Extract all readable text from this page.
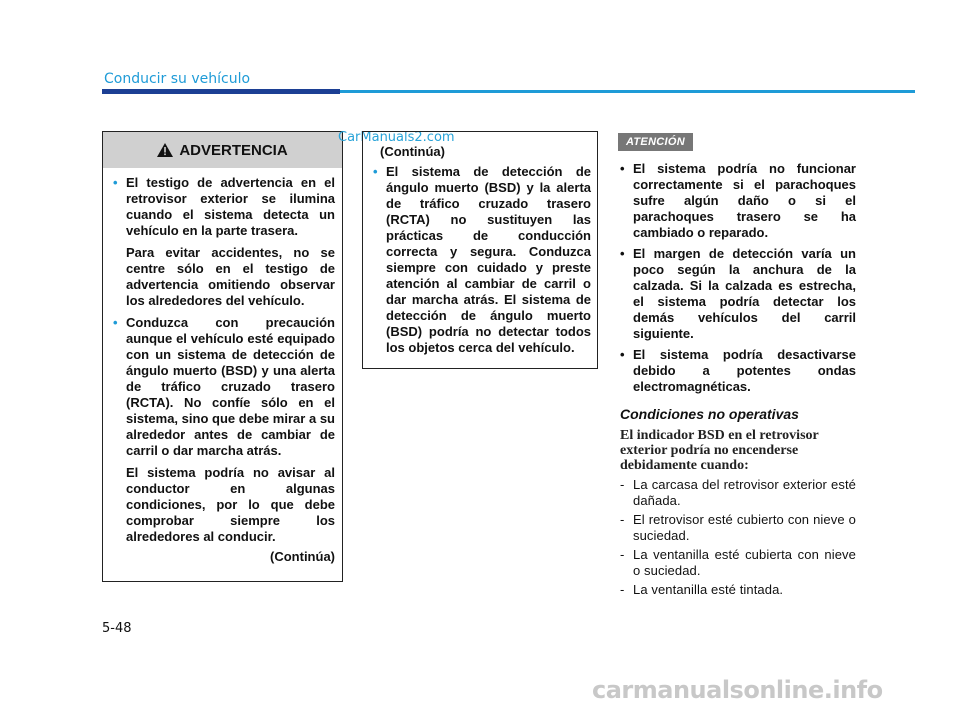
Conducir su vehículo
ADVERTENCIA
• El testigo de advertencia en el retrovisor exterior se ilumina cuando el sistema detecta un vehículo en la parte trasera.

Para evitar accidentes, no se centre sólo en el testigo de advertencia omitiendo observar los alrededores del vehículo.

• Conduzca con precaución aunque el vehículo esté equipado con un sistema de detección de ángulo muerto (BSD) y una alerta de tráfico cruzado trasero (RCTA). No confíe sólo en el sistema, sino que debe mirar a su alrededor antes de cambiar de carril o dar marcha atrás.

El sistema podría no avisar al conductor en algunas condiciones, por lo que debe comprobar siempre los alrededores al conducir.

(Continúa)
CarManuals2.com
(Continúa)
• El sistema de detección de ángulo muerto (BSD) y la alerta de tráfico cruzado trasero (RCTA) no sustituyen las prácticas de conducción correcta y segura. Conduzca siempre con cuidado y preste atención al cambiar de carril o dar marcha atrás. El sistema de detección de ángulo muerto (BSD) podría no detectar todos los objetos cerca del vehículo.

ATENCIÓN
• El sistema podría no funcionar correctamente si el parachoques sufre algún daño o si el parachoques trasero se ha cambiado o reparado.
• El margen de detección varía un poco según la anchura de la calzada. Si la calzada es estrecha, el sistema podría detectar los demás vehículos del carril siguiente.
• El sistema podría desactivarse debido a potentes ondas electromagnéticas.
Condiciones no operativas
El indicador BSD en el retrovisor exterior podría no encenderse debidamente cuando:
- La carcasa del retrovisor exterior esté dañada.
- El retrovisor esté cubierto con nieve o suciedad.
- La ventanilla esté cubierta con nieve o suciedad.
- La ventanilla esté tintada.
5-48
carmanualsonline.info
